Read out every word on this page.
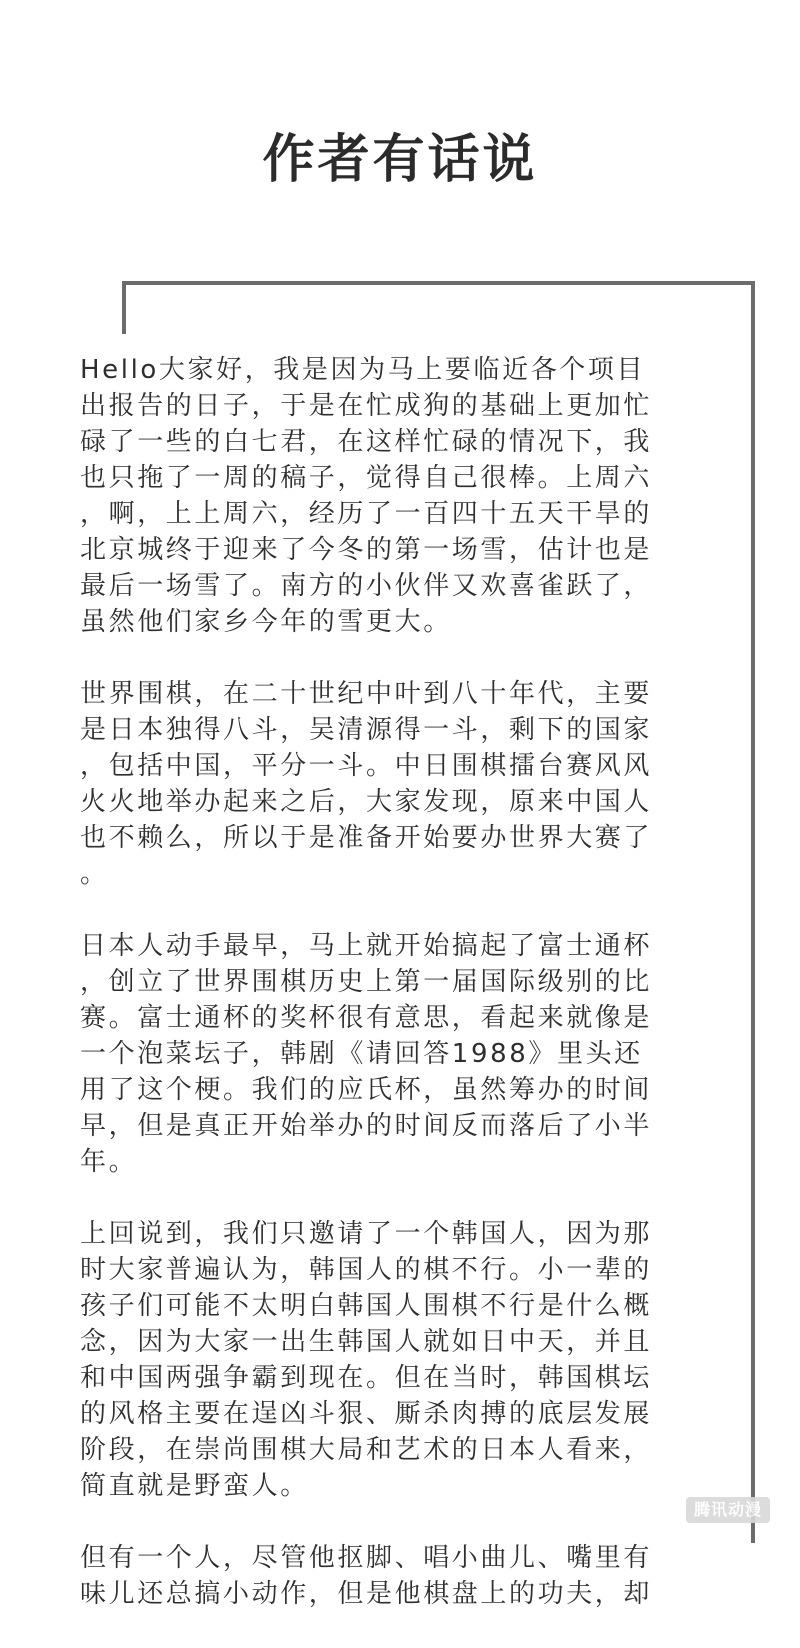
作者有话说
Hello大家好，我是因为马上要临近各个项目
出报告的日子，于是在忙成狗的基础上更加忙
碌了一些的白七君，在这样忙碌的情况下，我
也只拖了一周的稿子，觉得自己很棒。上周六
，啊，上上周六，经历了一百四十五天干旱的
北京城终于迎来了今冬的第一场雪，估计也是
最后一场雪了。南方的小伙伴又欢喜雀跃了，
虽然他们家乡今年的雪更大。
世界围棋，在二十世纪中叶到八十年代，主要
是日本独得八斗，吴清源得一斗，剩下的国家
，包括中国，平分一斗。中日围棋擂台赛风风
火火地举办起来之后，大家发现，原来中国人
也不赖么，所以于是准备开始要办世界大赛了
。
日本人动手最早，马上就开始搞起了富士通杯
，创立了世界围棋历史上第一届国际级别的比
赛。富士通杯的奖杯很有意思，看起来就像是
一个泡菜坛子，韩剧《请回答1988》里头还
用了这个梗。我们的应氏杯，虽然筹办的时间
早，但是真正开始举办的时间反而落后了小半
年。
上回说到，我们只邀请了一个韩国人，因为那
时大家普遍认为，韩国人的棋不行。小一辈的
孩子们可能不太明白韩国人围棋不行是什么概
念，因为大家一出生韩国人就如日中天，并且
和中国两强争霸到现在。但在当时，韩国棋坛
的风格主要在逞凶斗狠、厮杀肉搏的底层发展
阶段，在崇尚围棋大局和艺术的日本人看来，
简直就是野蛮人。
但有一个人，尽管他抠脚、唱小曲儿、嘴里有
味儿还总搞小动作，但是他棋盘上的功夫，却
腾讯动漫
